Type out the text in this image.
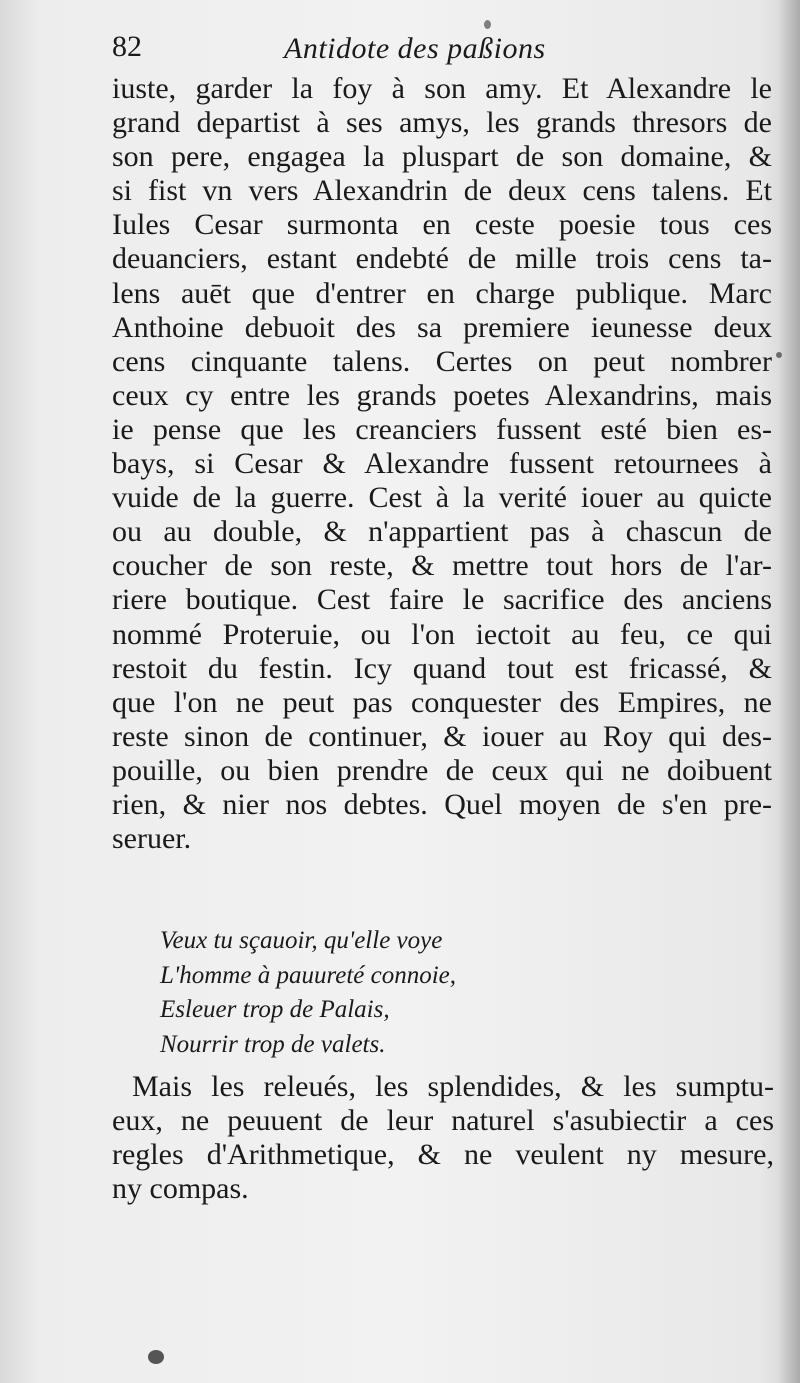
82	Antidote des paßions
iuste, garder la foy à son amy. Et Alexandre le
grand departist à ses amys, les grands thresors de
son pere, engagea la pluspart de son domaine, &
si fist vn vers Alexandrin de deux cens talens. Et
Iules Cesar surmonta en ceste poesie tous ces
deuanciers, estant endebté de mille trois cens ta-
lens auēt que d'entrer en charge publique. Marc
Anthoine debuoit des sa premiere ieunesse deux
cens cinquante talens. Certes on peut nombrer
ceux cy entre les grands poetes Alexandrins, mais
ie pense que les creanciers fussent esté bien es-
bays, si Cesar & Alexandre fussent retournees à
vuide de la guerre. Cest à la verité iouer au quicte
ou au double, & n'appartient pas à chascun de
coucher de son reste, & mettre tout hors de l'ar-
riere boutique. Cest faire le sacrifice des anciens
nommé Proteruie, ou l'on iectoit au feu, ce qui
restoit du festin. Icy quand tout est fricassé, &
que l'on ne peut pas conquester des Empires, ne
reste sinon de continuer, & iouer au Roy qui des-
pouille, ou bien prendre de ceux qui ne doibuent
rien, & nier nos debtes. Quel moyen de s'en pre-
seruer.
Veux tu sçauoir, qu'elle voye
L'homme à pauureté connoie,
Esleuer trop de Palais,
Nourrir trop de valets.
Mais les releués, les splendides, & les sumptu-
eux, ne peuuent de leur naturel s'asubiectir a ces
regles d'Arithmetique, & ne veulent ny mesure,
ny compas.
